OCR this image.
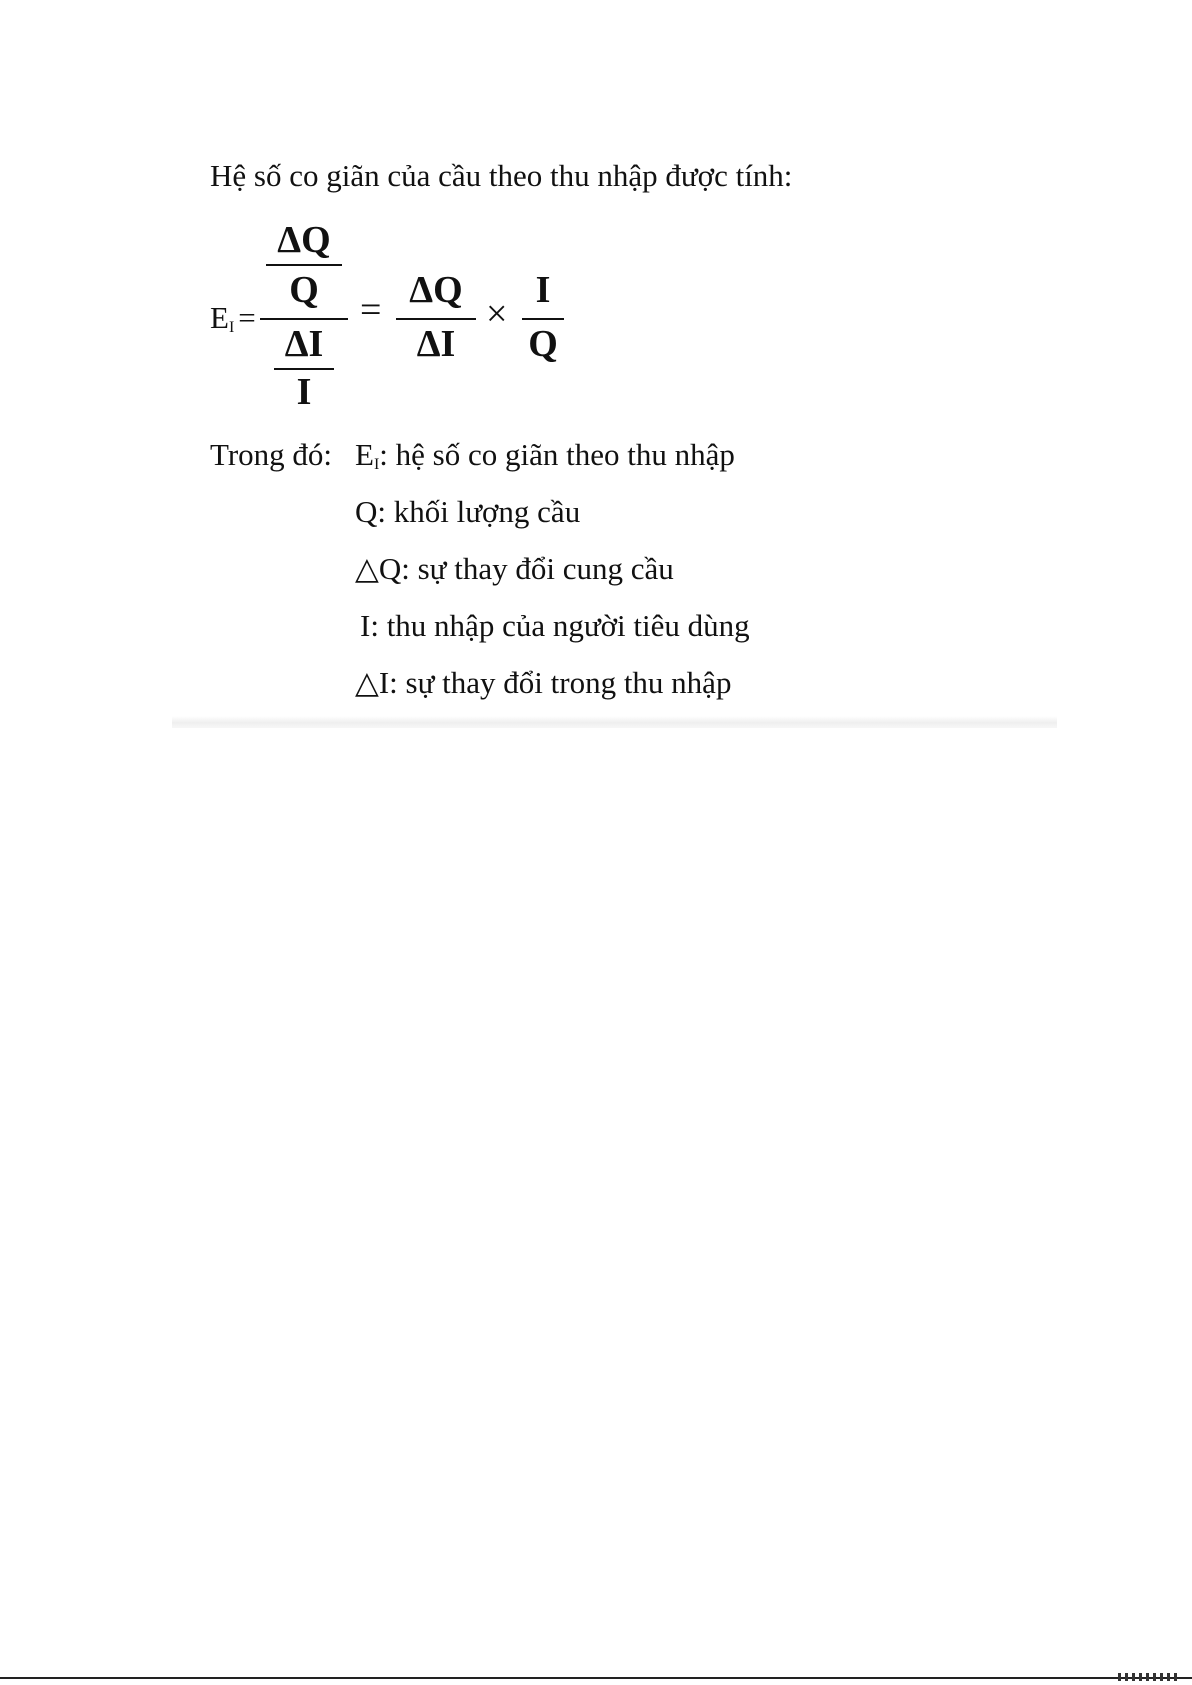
Hệ số co giãn của cầu theo thu nhập được tính:
$E_I$ =
ΔQ
Q
ΔI
I
= ΔQ
ΔI
×
I
Q
Trong đó: $E_I$: hệ số co giãn theo thu nhập
Q: khối lượng cầu
△Q: sự thay đổi cung cầu
I: thu nhập của người tiêu dùng
△I: sự thay đổi trong thu nhập
